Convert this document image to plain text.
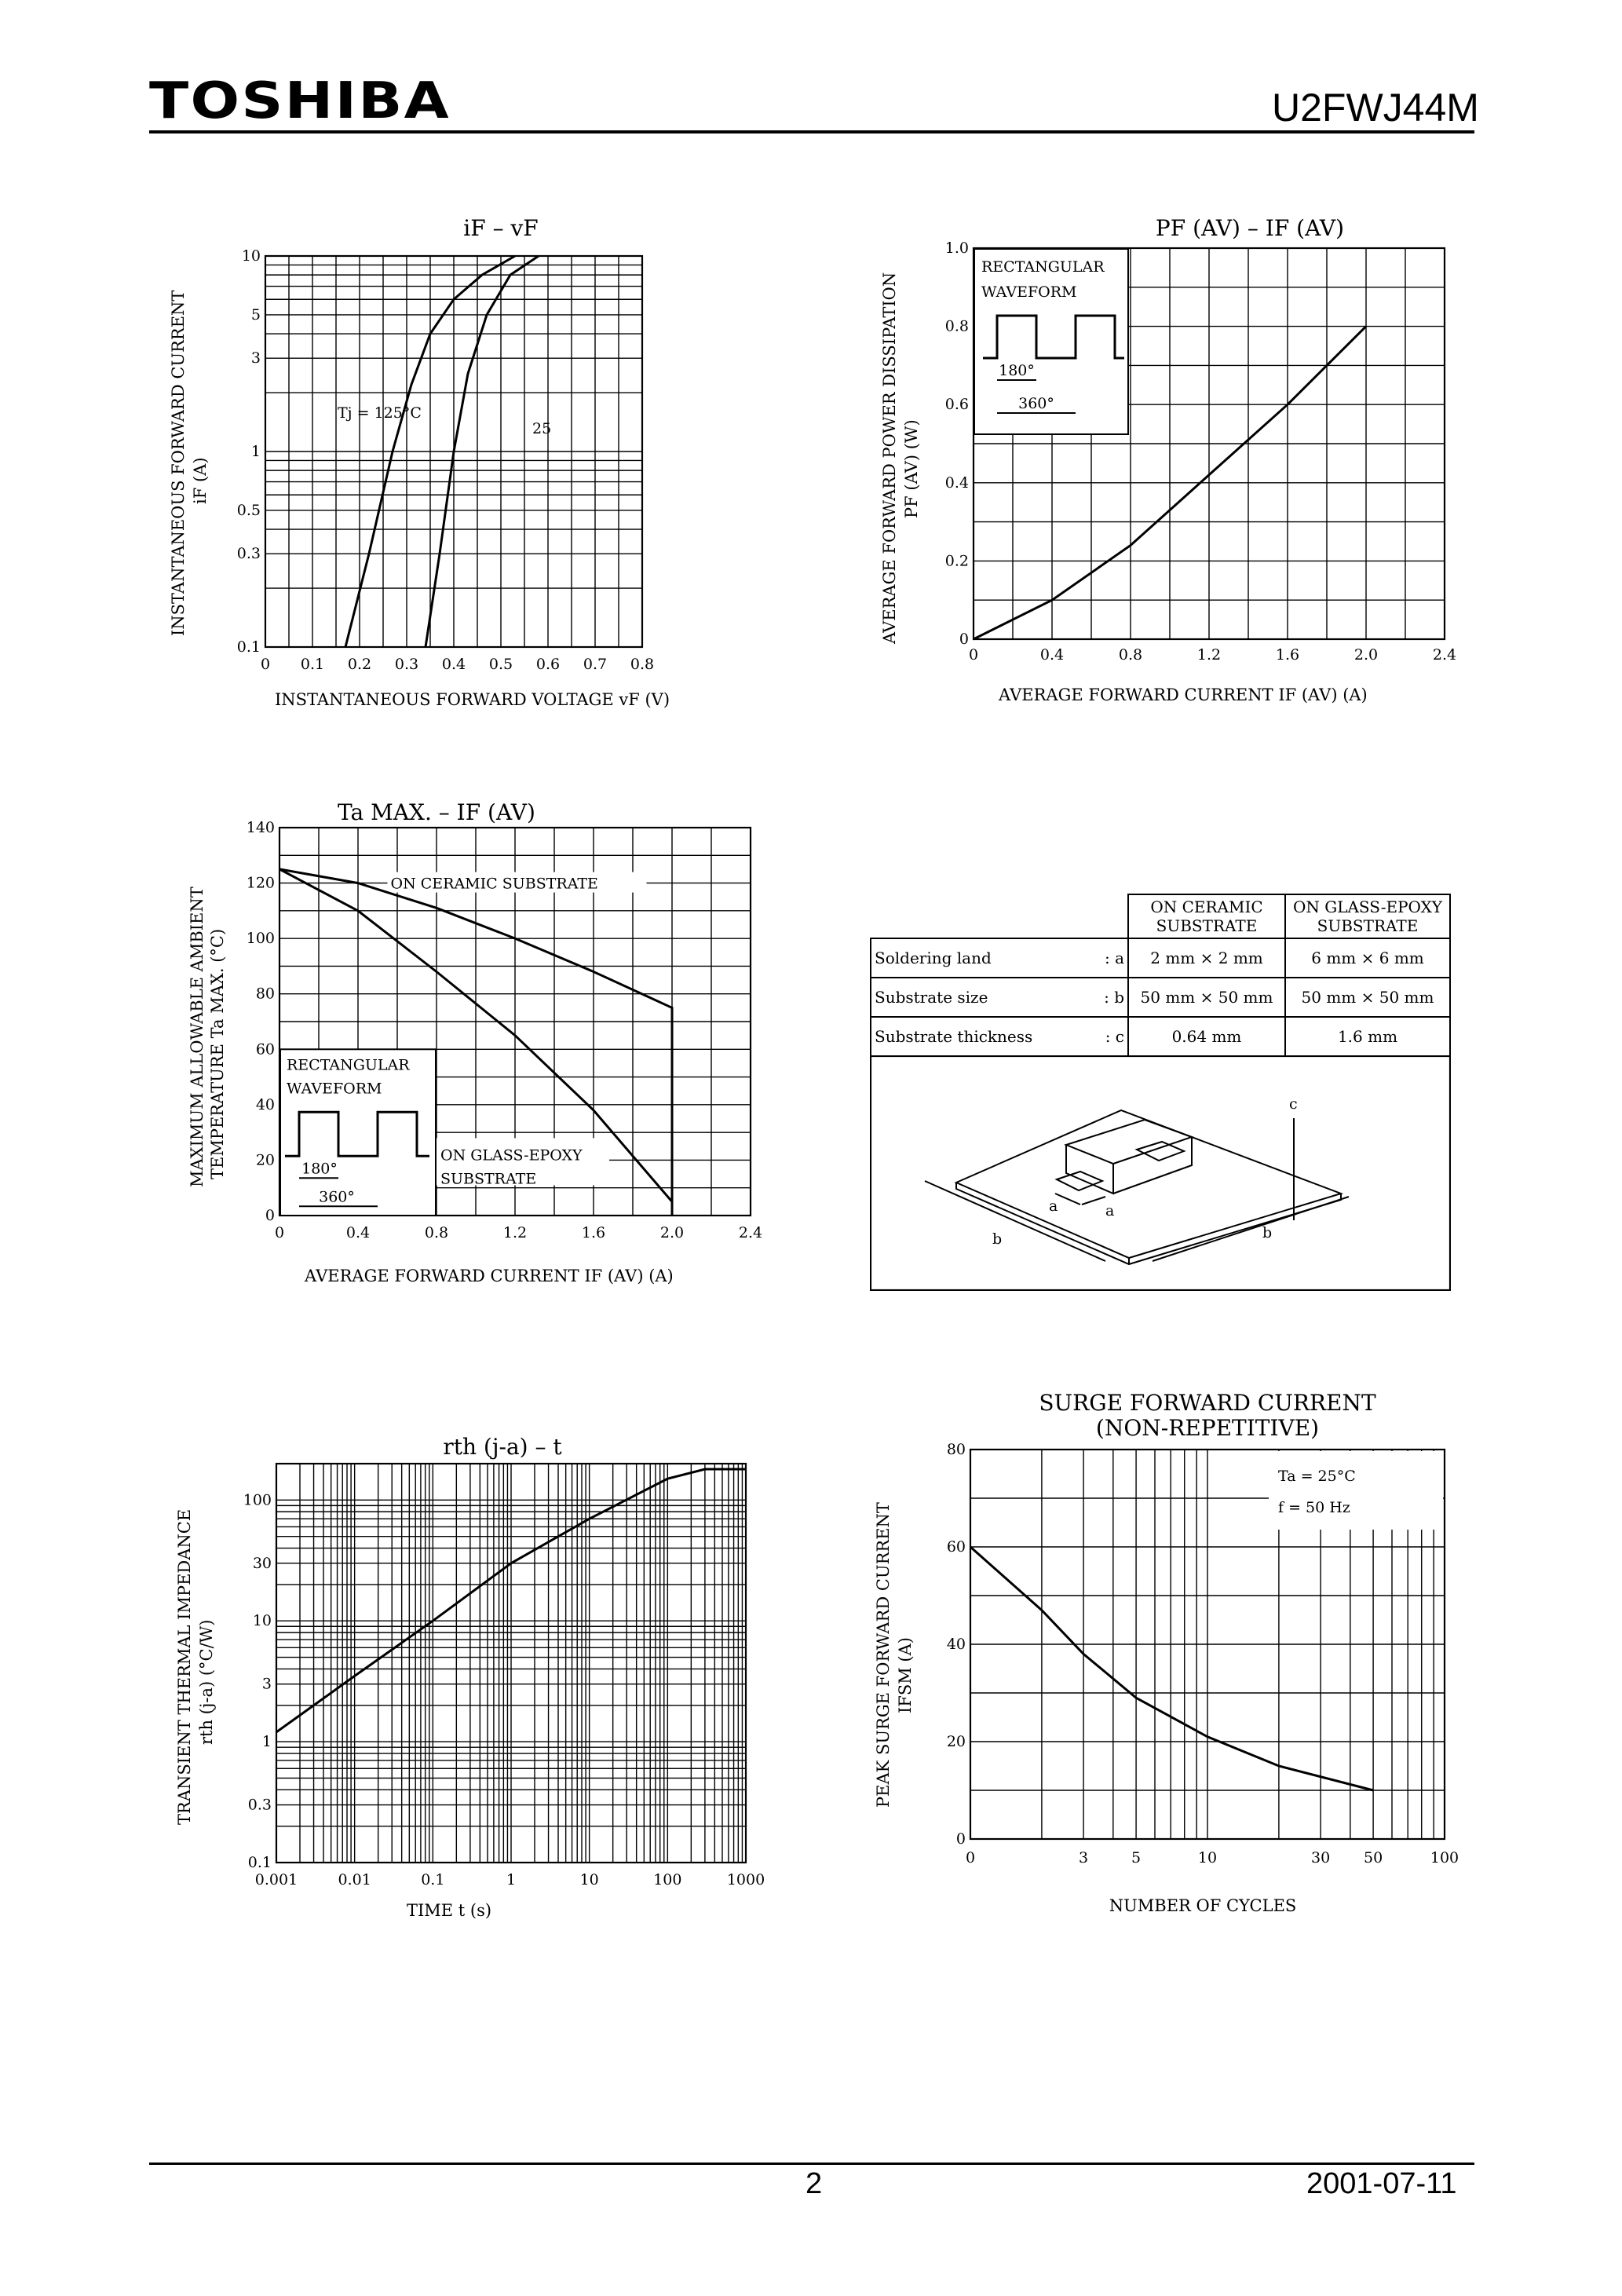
TOSHIBA	U2FWJ44M
iF – vF
0 0.1 0.2 0.3 0.4 0.5 0.6 0.7 0.8
10
5
3
1
0.5
0.3
0.1
Tj = 125°C
25
INSTANTANEOUS FORWARD VOLTAGE vF (V)
INSTANTANEOUS FORWARD CURRENT iF (A)
PF (AV) – IF (AV)
0	0.4	0.8	1.2	1.6	2.0	2.4
1.0
0.8
0.6
0.4
0.2
0
RECTANGULAR
WAVEFORM
180°
360°
AVERAGE FORWARD CURRENT IF (AV) (A)
AVERAGE FORWARD POWER DISSIPATION PF (AV) (W)
Ta MAX. – IF (AV)
0	0.4	0.8	1.2	1.6	2.0	2.4
140
120
100
80
60
40
20
0
ON CERAMIC SUBSTRATE
ON GLASS-EPOXY
SUBSTRATE
RECTANGULAR
WAVEFORM
180°
360°
AVERAGE FORWARD CURRENT IF (AV) (A)
MAXIMUM ALLOWABLE AMBIENT TEMPERATURE Ta MAX. (°C)
	ON CERAMIC SUBSTRATE	ON GLASS-EPOXY SUBSTRATE

Soldering land : a	2 mm × 2 mm	6 mm × 6 mm

Substrate size : b	50 mm × 50 mm	50 mm × 50 mm

Substrate thickness : c	0.64 mm	1.6 mm
a	a
b	b
c
rth (j-a) – t
0.001	0.01	0.1	1	10	100	1000
100
30
10
3
1
0.3
0.1
TIME t (s)
TRANSIENT THERMAL IMPEDANCE rth (j-a) (°C/W)
SURGE FORWARD CURRENT
(NON-REPETITIVE)
0	3	5	10	30 50	100
80
60
40
20
0
Ta = 25°C
f = 50 Hz
NUMBER OF CYCLES
PEAK SURGE FORWARD CURRENT IFSM (A)
2	2001-07-11
